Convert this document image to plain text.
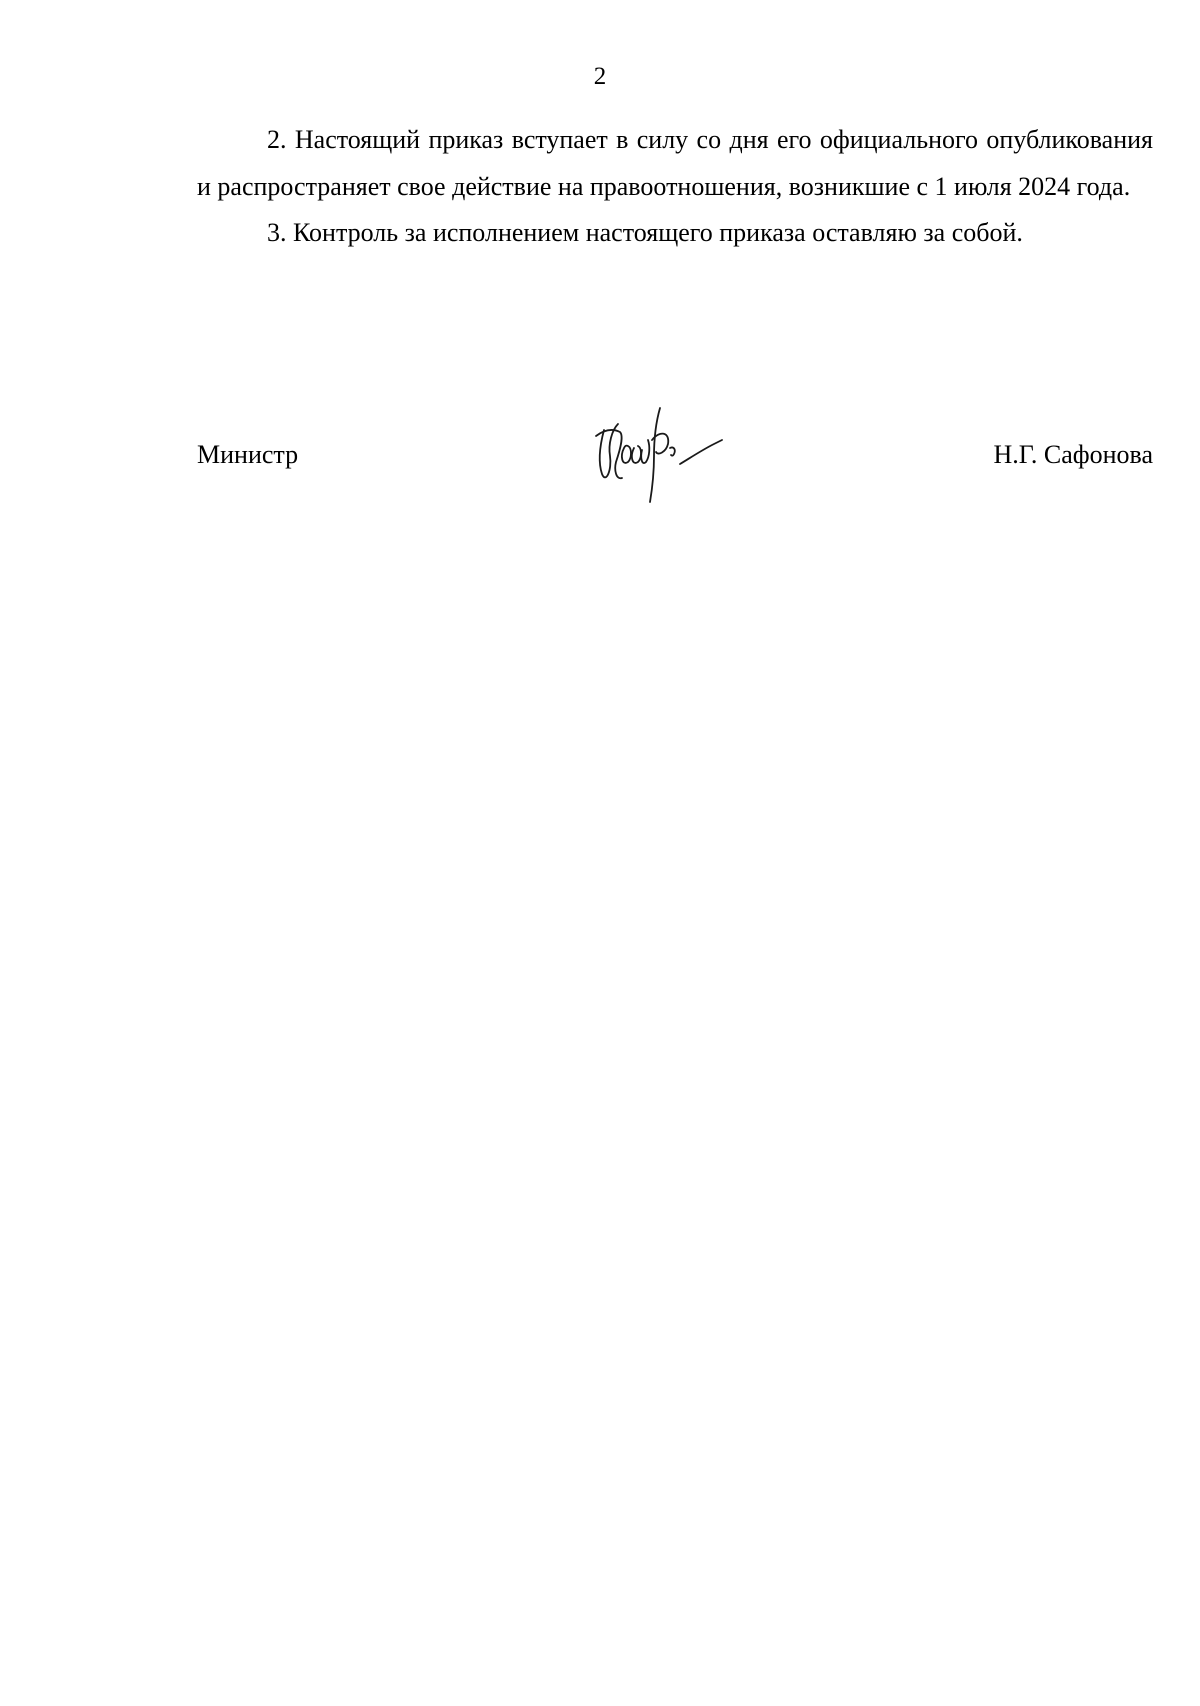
2

2. Настоящий приказ вступает в силу со дня его официального опубликования и распространяет свое действие на правоотношения, возникшие с 1 июля 2024 года.

3. Контроль за исполнением настоящего приказа оставляю за собой.

Министр	Н.Г. Сафонова
